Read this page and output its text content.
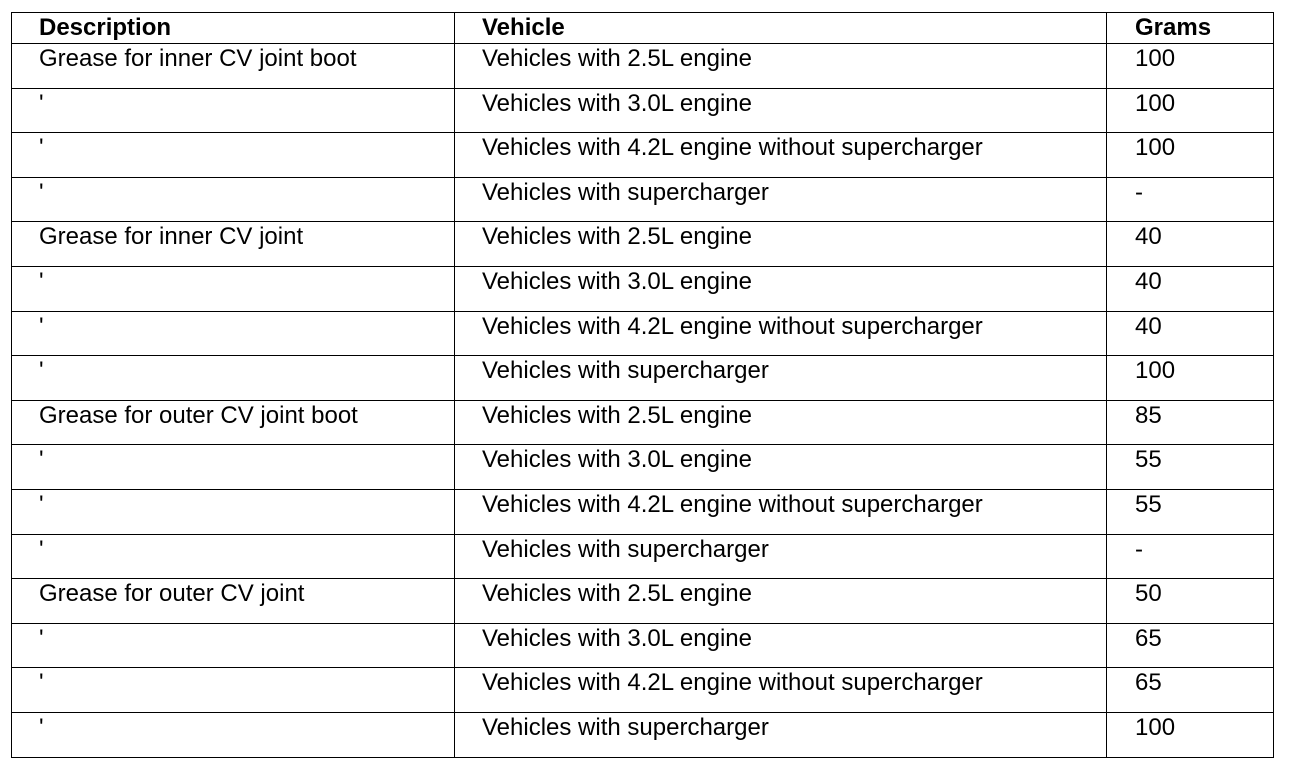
Description	Vehicle	Grams
Grease for inner CV joint boot	Vehicles with 2.5L engine	100
'	Vehicles with 3.0L engine	100
'	Vehicles with 4.2L engine without supercharger	100
'	Vehicles with supercharger	-
Grease for inner CV joint	Vehicles with 2.5L engine	40
'	Vehicles with 3.0L engine	40
'	Vehicles with 4.2L engine without supercharger	40
'	Vehicles with supercharger	100
Grease for outer CV joint boot	Vehicles with 2.5L engine	85
'	Vehicles with 3.0L engine	55
'	Vehicles with 4.2L engine without supercharger	55
'	Vehicles with supercharger	-
Grease for outer CV joint	Vehicles with 2.5L engine	50
'	Vehicles with 3.0L engine	65
'	Vehicles with 4.2L engine without supercharger	65
'	Vehicles with supercharger	100
